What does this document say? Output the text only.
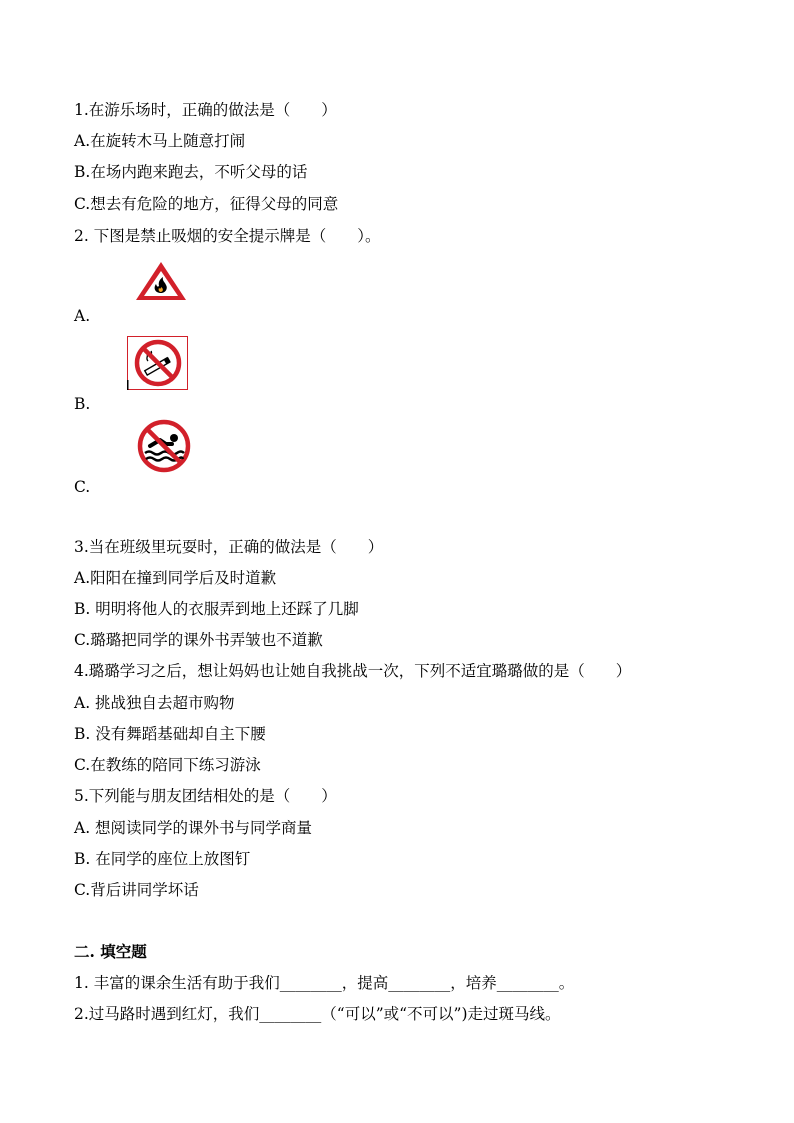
1.在游乐场时，正确的做法是（　　）
A.在旋转木马上随意打闹
B.在场内跑来跑去，不听父母的话
C.想去有危险的地方，征得父母的同意
2. 下图是禁止吸烟的安全提示牌是（　　）。
A.
B.
C.
3.当在班级里玩耍时，正确的做法是（　　）
A.阳阳在撞到同学后及时道歉
B. 明明将他人的衣服弄到地上还踩了几脚
C.璐璐把同学的课外书弄皱也不道歉
4.璐璐学习之后，想让妈妈也让她自我挑战一次，下列不适宜璐璐做的是（　　）
A. 挑战独自去超市购物
B. 没有舞蹈基础却自主下腰
C.在教练的陪同下练习游泳
5.下列能与朋友团结相处的是（　　）
A. 想阅读同学的课外书与同学商量
B. 在同学的座位上放图钉
C.背后讲同学坏话
二. 填空题
1. 丰富的课余生活有助于我们________，提高________，培养________。
2.过马路时遇到红灯，我们________（“可以”或“不可以”)走过斑马线。
